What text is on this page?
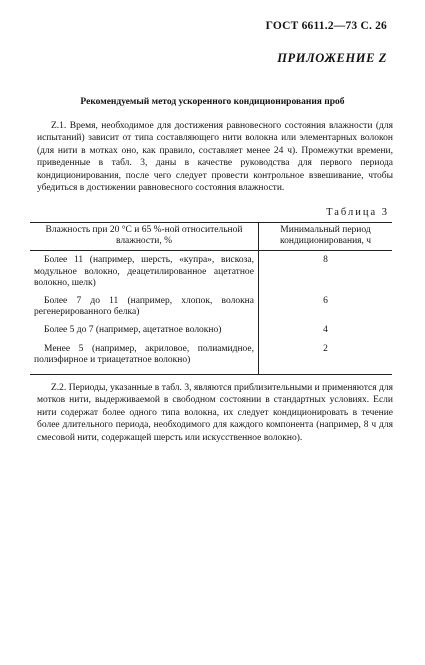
ГОСТ 6611.2—73 С. 26
ПРИЛОЖЕНИЕ Z
Рекомендуемый метод ускоренного кондиционирования проб

Z.1. Время, необходимое для достижения равновесного состояния влажности (для испытаний) зависит от типа составляющего нити волокна или элементарных волокон (для нити в мотках оно, как правило, составляет менее 24 ч). Промежутки времени, приведенные в табл. 3, даны в качестве руководства для первого периода кондиционирования, после чего следует провести контрольное взвешивание, чтобы убедиться в достижении равновесного состояния влажности.

Таблица 3
Влажность при 20 °С и 65 %-ной относительной влажности, %	Минимальный период кондиционирования, ч

Более 11 (например, шерсть, «купра», вискоза, модульное волокно, деацетилированное ацетатное волокно, шелк)	8

Более 7 до 11 (например, хлопок, волокна регенерированного белка)	6

Более 5 до 7 (например, ацетатное волокно)	4

Менее 5 (например, акриловое, полиамидное, полиэфирное и триацетатное волокно)	2

Z.2. Периоды, указанные в табл. 3, являются приблизительными и применяются для мотков нити, выдерживаемой в свободном состоянии в стандартных условиях. Если нити содержат более одного типа волокна, их следует кондиционировать в течение более длительного периода, необходимого для каждого компонента (например, 8 ч для смесовой нити, содержащей шерсть или искусственное волокно).
